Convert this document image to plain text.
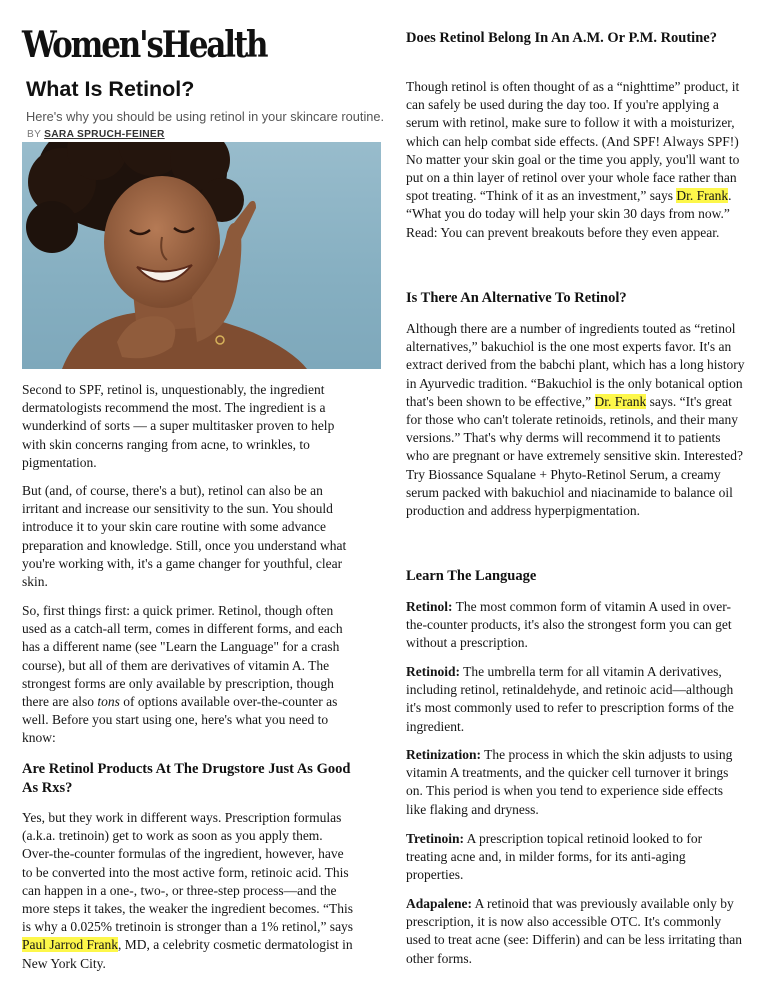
Women'sHealth
What Is Retinol?

Here's why you should be using retinol in your skincare routine.

BY SARA SPRUCH-FEINER

Second to SPF, retinol is, unquestionably, the ingredient dermatologists recommend the most. The ingredient is a wunderkind of sorts — a super multitasker proven to help with skin concerns ranging from acne, to wrinkles, to pigmentation.

But (and, of course, there's a but), retinol can also be an irritant and increase our sensitivity to the sun. You should introduce it to your skin care routine with some advance preparation and knowledge. Still, once you understand what you're working with, it's a game changer for youthful, clear skin.

So, first things first: a quick primer. Retinol, though often used as a catch-all term, comes in different forms, and each has a different name (see "Learn the Language" for a crash course), but all of them are derivatives of vitamin A. The strongest forms are only available by prescription, though there are also tons of options available over-the-counter as well. Before you start using one, here's what you need to know:

Are Retinol Products At The Drugstore Just As Good As Rxs?

Yes, but they work in different ways. Prescription formulas (a.k.a. tretinoin) get to work as soon as you apply them. Over-the-counter formulas of the ingredient, however, have to be converted into the most active form, retinoic acid. This can happen in a one-, two-, or three-step process—and the more steps it takes, the weaker the ingredient becomes. “This is why a 0.025% tretinoin is stronger than a 1% retinol,” says Paul Jarrod Frank, MD, a celebrity cosmetic dermatologist in New York City.

Does Retinol Belong In An A.M. Or P.M. Routine?

Though retinol is often thought of as a “nighttime” product, it can safely be used during the day too. If you're applying a serum with retinol, make sure to follow it with a moisturizer, which can help combat side effects. (And SPF! Always SPF!) No matter your skin goal or the time you apply, you'll want to put on a thin layer of retinol over your whole face rather than spot treating. “Think of it as an investment,” says Dr. Frank. “What you do today will help your skin 30 days from now.” Read: You can prevent breakouts before they even appear.

Is There An Alternative To Retinol?

Although there are a number of ingredients touted as “retinol alternatives,” bakuchiol is the one most experts favor. It's an extract derived from the babchi plant, which has a long history in Ayurvedic tradition. “Bakuchiol is the only botanical option that's been shown to be effective,” Dr. Frank says. “It's great for those who can't tolerate retinoids, retinols, and their many versions.” That's why derms will recommend it to patients who are pregnant or have extremely sensitive skin. Interested? Try Biossance Squalane + Phyto-Retinol Serum, a creamy serum packed with bakuchiol and niacinamide to balance oil production and address hyperpigmentation.

Learn The Language

Retinol: The most common form of vitamin A used in over-the-counter products, it's also the strongest form you can get without a prescription.

Retinoid: The umbrella term for all vitamin A derivatives, including retinol, retinaldehyde, and retinoic acid—although it's most commonly used to refer to prescription forms of the ingredient.

Retinization: The process in which the skin adjusts to using vitamin A treatments, and the quicker cell turnover it brings on. This period is when you tend to experience side effects like flaking and dryness.

Tretinoin: A prescription topical retinoid looked to for treating acne and, in milder forms, for its anti-aging properties.

Adapalene: A retinoid that was previously available only by prescription, it is now also accessible OTC. It's commonly used to treat acne (see: Differin) and can be less irritating than other forms.
